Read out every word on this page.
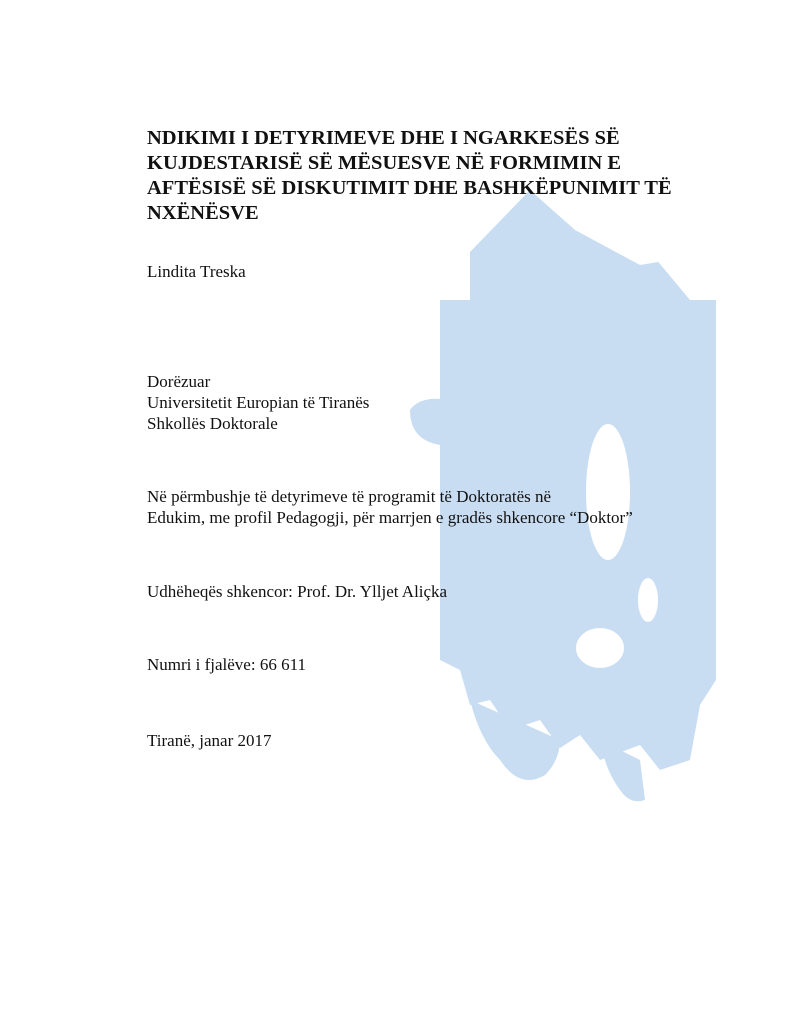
NDIKIMI I DETYRIMEVE DHE I NGARKESËS SË
KUJDESTARISË SË MËSUESVE NË FORMIMIN E
AFTËSISË SË DISKUTIMIT DHE BASHKËPUNIMIT TË
NXËNËSVE

Lindita Treska

Dorëzuar

Universitetit Europian të Tiranës

Shkollës Doktorale

Në përmbushje të detyrimeve të programit të Doktoratës në

Edukim, me profil Pedagogji, për marrjen e gradës shkencore “Doktor”

Udhëheqës shkencor: Prof. Dr. Ylljet Aliçka

Numri i fjalëve: 66 611

Tiranë, janar 2017
